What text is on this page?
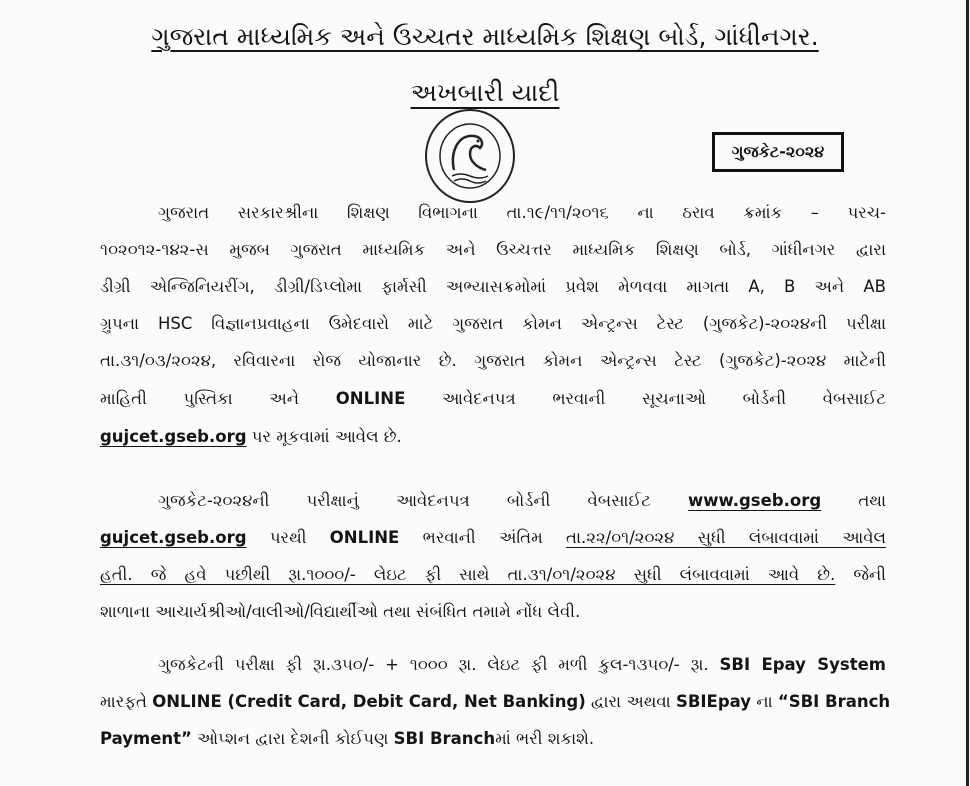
ગુજરાત માધ્યમિક અને ઉચ્ચતર માધ્યમિક શિક્ષણ બોર્ડ, ગાંધીનગર.
અખબારી યાદી
ગુજકેટ-૨૦૨૪
ગુજરાત સરકારશ્રીના શિક્ષણ વિભાગના તા.૧૯/૧૧/૨૦૧૬ ના ઠરાવ ક્રમાંક – પરચ-
૧૦૨૦૧૨-૧૪૨-સ મુજબ ગુજરાત માધ્યમિક અને ઉચ્ચત્તર માધ્યમિક શિક્ષણ બોર્ડ, ગાંધીનગર દ્વારા
ડીગ્રી એન્જિનિયરીંગ, ડીગ્રી/ડિપ્લોમા ફાર્મસી અભ્યાસક્રમોમાં પ્રવેશ મેળવવા માગતા A, B અને AB
ગ્રુપના HSC વિજ્ઞાનપ્રવાહના ઉમેદવારો માટે ગુજરાત કોમન એન્ટ્રન્સ ટેસ્ટ (ગુજકેટ)-૨૦૨૪ની પરીક્ષા
તા.૩૧/૦૩/૨૦૨૪, રવિવારના રોજ યોજાનાર છે. ગુજરાત કોમન એન્ટ્રન્સ ટેસ્ટ (ગુજકેટ)-૨૦૨૪ માટેની
માહિતી પુસ્તિકા અને ONLINE આવેદનપત્ર ભરવાની સૂચનાઓ બોર્ડની વેબસાઈટ
gujcet.gseb.org પર મૂકવામાં આવેલ છે.
ગુજકેટ-૨૦૨૪ની પરીક્ષાનું આવેદનપત્ર બોર્ડની વેબસાઈટ www.gseb.org તથા
gujcet.gseb.org પરથી ONLINE ભરવાની અંતિમ તા.૨૨/૦૧/૨૦૨૪ સુધી લંબાવવામાં આવેલ
હતી. જે હવે પછીથી રૂા.૧૦૦૦/- લેઇટ ફી સાથે તા.૩૧/૦૧/૨૦૨૪ સુધી લંબાવવામાં આવે છે. જેની
શાળાના આચાર્યશ્રીઓ/વાલીઓ/વિદ્યાર્થીઓ તથા સંબંધિત તમામે નોંધ લેવી.
ગુજકેટની પરીક્ષા ફી રૂા.૩૫૦/- + ૧૦૦૦ રૂા. લેઇટ ફી મળી કુલ-૧૩૫૦/- રૂા. SBI Epay System
મારફતે ONLINE (Credit Card, Debit Card, Net Banking) દ્વારા અથવા SBIEpay ના “SBI Branch
Payment” ઓપ્શન દ્વારા દેશની કોઈપણ SBI Branchમાં ભરી શકાશે.
